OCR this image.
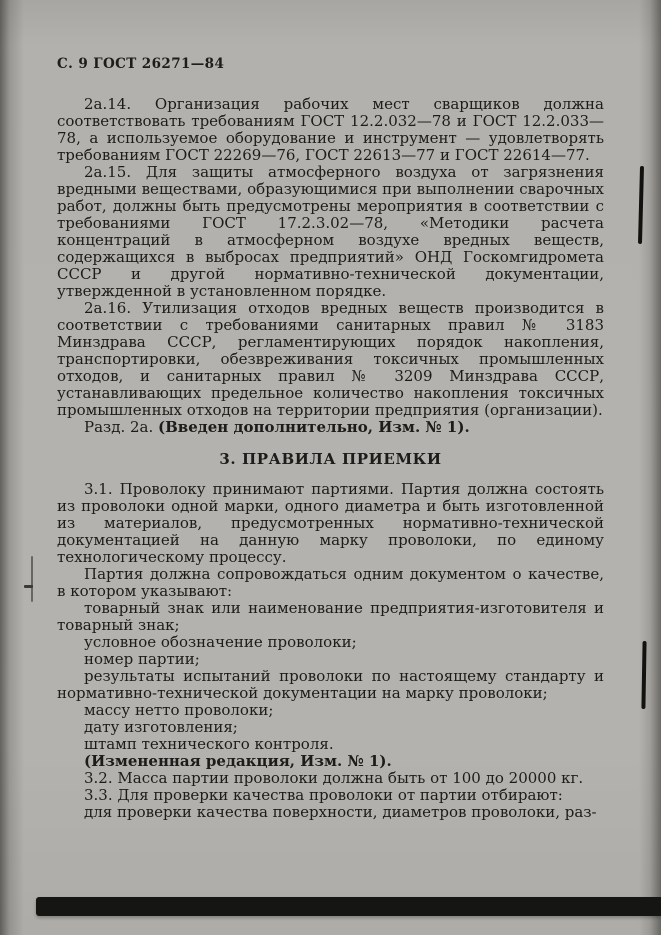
С. 9 ГОСТ 26271—84

2а.14. Организация рабочих мест сварщиков должна соответствовать требованиям ГОСТ 12.2.032—78 и ГОСТ 12.2.033—78, а используемое оборудование и инструмент — удовлетворять требованиям ГОСТ 22269—76, ГОСТ 22613—77 и ГОСТ 22614—77.

2а.15. Для защиты атмосферного воздуха от загрязнения вредными веществами, образующимися при выполнении сварочных работ, должны быть предусмотрены мероприятия в соответствии с требованиями ГОСТ 17.2.3.02—78, «Методики расчета концентраций в атмосферном воздухе вредных веществ, содержащихся в выбросах предприятий» ОНД Госкомгидромета СССР и другой нормативно-технической документации, утвержденной в установленном порядке.

2а.16. Утилизация отходов вредных веществ производится в соответствии с требованиями санитарных правил № 3183 Минздрава СССР, регламентирующих порядок накопления, транспортировки, обезвреживания токсичных промышленных отходов, и санитарных правил № 3209 Минздрава СССР, устанавливающих предельное количество накопления токсичных промышленных отходов на территории предприятия (организации).

Разд. 2а. (Введен дополнительно, Изм. № 1).

3. ПРАВИЛА ПРИЕМКИ

3.1. Проволоку принимают партиями. Партия должна состоять из проволоки одной марки, одного диаметра и быть изготовленной из материалов, предусмотренных нормативно-технической документацией на данную марку проволоки, по единому технологическому процессу.

Партия должна сопровождаться одним документом о качестве, в котором указывают:

товарный знак или наименование предприятия-изготовителя и товарный знак;

условное обозначение проволоки;

номер партии;

результаты испытаний проволоки по настоящему стандарту и нормативно-технической документации на марку проволоки;

массу нетто проволоки;

дату изготовления;

штамп технического контроля.

(Измененная редакция, Изм. № 1).

3.2. Масса партии проволоки должна быть от 100 до 20000 кг.

3.3. Для проверки качества проволоки от партии отбирают:

для проверки качества поверхности, диаметров проволоки, раз-
